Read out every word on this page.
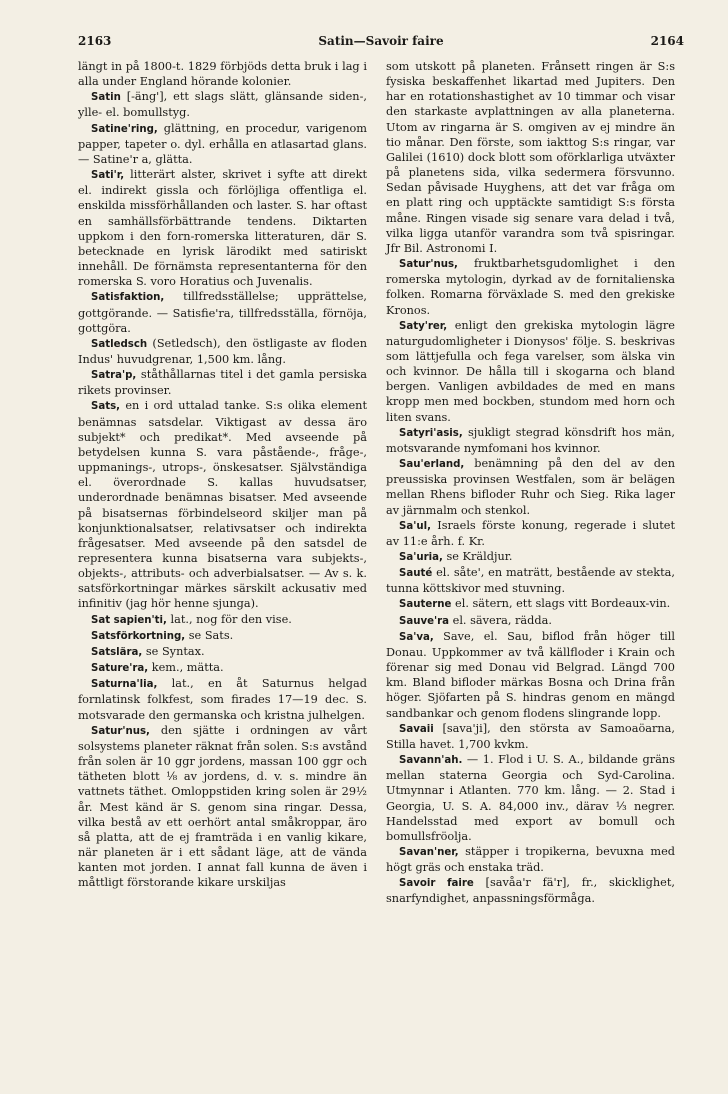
2163	Satin—Savoir faire	2164

längt in på 1800-t. 1829 förbjöds detta bruk i lag i alla under England hörande kolonier.

Satin [-äng'], ett slags slätt, glänsande siden-, ylle- el. bomullstyg.

Satine'ring, glättning, en procedur, varigenom papper, tapeter o. dyl. erhålla en atlasartad glans. — Satine'r a, glätta.

Sati'r, litterärt alster, skrivet i syfte att direkt el. indirekt gissla och förlöjliga offentliga el. enskilda missförhållanden och laster. S. har oftast en samhällsförbättrande tendens. Diktarten uppkom i den forn-romerska litteraturen, där S. betecknade en lyrisk lärodikt med satiriskt innehåll. De förnämsta representanterna för den romerska S. voro Horatius och Juvenalis.

Satisfaktion, tillfredsställelse; upprättelse, gottgörande. — Satisfie'ra, tillfredsställa, förnöja, gottgöra.

Satledsch (Setledsch), den östligaste av floden Indus' huvudgrenar, 1,500 km. lång.

Satra'p, ståthållarnas titel i det gamla persiska rikets provinser.

Sats, en i ord uttalad tanke. S:s olika element benämnas satsdelar. Viktigast av dessa äro subjekt* och predikat*. Med avseende på betydelsen kunna S. vara påstående-, fråge-, uppmanings-, utrops-, önskesatser. Självständiga el. överordnade S. kallas huvudsatser, underordnade benämnas bisatser. Med avseende på bisatsernas förbindelseord skiljer man på konjunktionalsatser, relativsatser och indirekta frågesatser. Med avseende på den satsdel de representera kunna bisatserna vara subjekts-, objekts-, attributs- och adverbialsatser. — Av s. k. satsförkortningar märkes särskilt ackusativ med infinitiv (jag hör henne sjunga).

Sat sapien'ti, lat., nog för den vise.

Satsförkortning, se Sats.

Satslära, se Syntax.

Sature'ra, kem., mätta.

Saturna'lia, lat., en åt Saturnus helgad fornlatinsk folkfest, som firades 17—19 dec. S. motsvarade den germanska och kristna julhelgen.

Satur'nus, den sjätte i ordningen av vårt solsystems planeter räknat från solen. S:s avstånd från solen är 10 ggr jordens, massan 100 ggr och tätheten blott ⅛ av jordens, d. v. s. mindre än vattnets täthet. Omloppstiden kring solen är 29½ år. Mest känd är S. genom sina ringar. Dessa, vilka bestå av ett oerhört antal småkroppar, äro så platta, att de ej framträda i en vanlig kikare, när planeten är i ett sådant läge, att de vända kanten mot jorden. I annat fall kunna de även i måttligt förstorande kikare urskiljas

som utskott på planeten. Frånsett ringen är S:s fysiska beskaffenhet likartad med Jupiters. Den har en rotationshastighet av 10 timmar och visar den starkaste avplattningen av alla planeterna. Utom av ringarna är S. omgiven av ej mindre än tio månar. Den förste, som iakttog S:s ringar, var Galilei (1610) dock blott som oförklarliga utväxter på planetens sida, vilka sedermera försvunno. Sedan påvisade Huyghens, att det var fråga om en platt ring och upptäckte samtidigt S:s första måne. Ringen visade sig senare vara delad i två, vilka ligga utanför varandra som två spisringar. Jfr Bil. Astronomi I.

Satur'nus, fruktbarhetsgudomlighet i den romerska mytologin, dyrkad av de fornitalienska folken. Romarna förväxlade S. med den grekiske Kronos.

Saty'rer, enligt den grekiska mytologin lägre naturgudomligheter i Dionysos' följe. S. beskrivas som lättjefulla och fega varelser, som älska vin och kvinnor. De hålla till i skogarna och bland bergen. Vanligen avbildades de med en mans kropp men med bockben, stundom med horn och liten svans.

Satyri'asis, sjukligt stegrad könsdrift hos män, motsvarande nymfomani hos kvinnor.

Sau'erland, benämning på den del av den preussiska provinsen Westfalen, som är belägen mellan Rhens bifloder Ruhr och Sieg. Rika lager av järnmalm och stenkol.

Sa'ul, Israels förste konung, regerade i slutet av 11:e årh. f. Kr.

Sa'uria, se Kräldjur.

Sauté el. såte', en maträtt, bestående av stekta, tunna köttskivor med stuvning.

Sauterne el. sätern, ett slags vitt Bordeaux-vin.

Sauve'ra el. sävera, rädda.

Sa'va, Save, el. Sau, biflod från höger till Donau. Uppkommer av två källfloder i Krain och förenar sig med Donau vid Belgrad. Längd 700 km. Bland bifloder märkas Bosna och Drina från höger. Sjöfarten på S. hindras genom en mängd sandbankar och genom flodens slingrande lopp.

Savaii [sava'ji], den största av Samoaöarna, Stilla havet. 1,700 kvkm.

Savann'ah. — 1. Flod i U. S. A., bildande gräns mellan staterna Georgia och Syd-Carolina. Utmynnar i Atlanten. 770 km. lång. — 2. Stad i Georgia, U. S. A. 84,000 inv., därav ⅓ negrer. Handelsstad med export av bomull och bomullsfröolja.

Savan'ner, stäpper i tropikerna, bevuxna med högt gräs och enstaka träd.

Savoir faire [savåa'r fä'r], fr., skicklighet, snarfyndighet, anpassningsförmåga.
